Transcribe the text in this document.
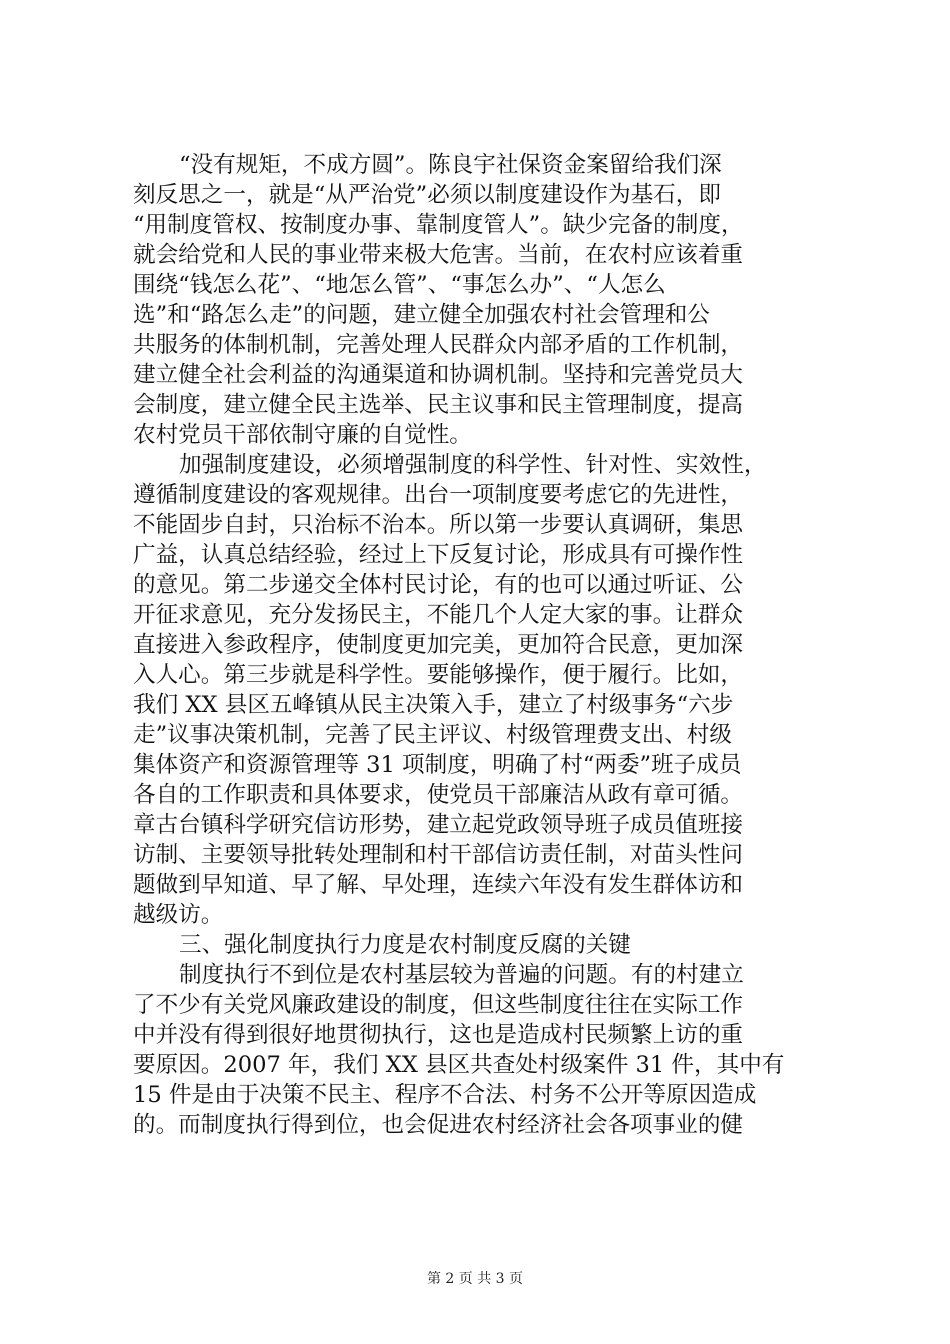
“没有规矩，不成方圆”。陈良宇社保资金案留给我们深
刻反思之一，就是“从严治党”必须以制度建设作为基石，即
“用制度管权、按制度办事、靠制度管人”。缺少完备的制度，
就会给党和人民的事业带来极大危害。当前，在农村应该着重
围绕“钱怎么花”、“地怎么管”、“事怎么办”、“人怎么
选”和“路怎么走”的问题，建立健全加强农村社会管理和公
共服务的体制机制，完善处理人民群众内部矛盾的工作机制，
建立健全社会利益的沟通渠道和协调机制。坚持和完善党员大
会制度，建立健全民主选举、民主议事和民主管理制度，提高
农村党员干部依制守廉的自觉性。
加强制度建设，必须增强制度的科学性、针对性、实效性，
遵循制度建设的客观规律。出台一项制度要考虑它的先进性，
不能固步自封，只治标不治本。所以第一步要认真调研，集思
广益，认真总结经验，经过上下反复讨论，形成具有可操作性
的意见。第二步递交全体村民讨论，有的也可以通过听证、公
开征求意见，充分发扬民主，不能几个人定大家的事。让群众
直接进入参政程序，使制度更加完美，更加符合民意，更加深
入人心。第三步就是科学性。要能够操作，便于履行。比如，
我们 XX 县区五峰镇从民主决策入手，建立了村级事务“六步
走”议事决策机制，完善了民主评议、村级管理费支出、村级
集体资产和资源管理等 31 项制度，明确了村“两委”班子成员
各自的工作职责和具体要求，使党员干部廉洁从政有章可循。
章古台镇科学研究信访形势，建立起党政领导班子成员值班接
访制、主要领导批转处理制和村干部信访责任制，对苗头性问
题做到早知道、早了解、早处理，连续六年没有发生群体访和
越级访。
三、强化制度执行力度是农村制度反腐的关键
制度执行不到位是农村基层较为普遍的问题。有的村建立
了不少有关党风廉政建设的制度，但这些制度往往在实际工作
中并没有得到很好地贯彻执行，这也是造成村民频繁上访的重
要原因。2007 年，我们 XX 县区共查处村级案件 31 件，其中有
15 件是由于决策不民主、程序不合法、村务不公开等原因造成
的。而制度执行得到位，也会促进农村经济社会各项事业的健
第 2 页 共 3 页
